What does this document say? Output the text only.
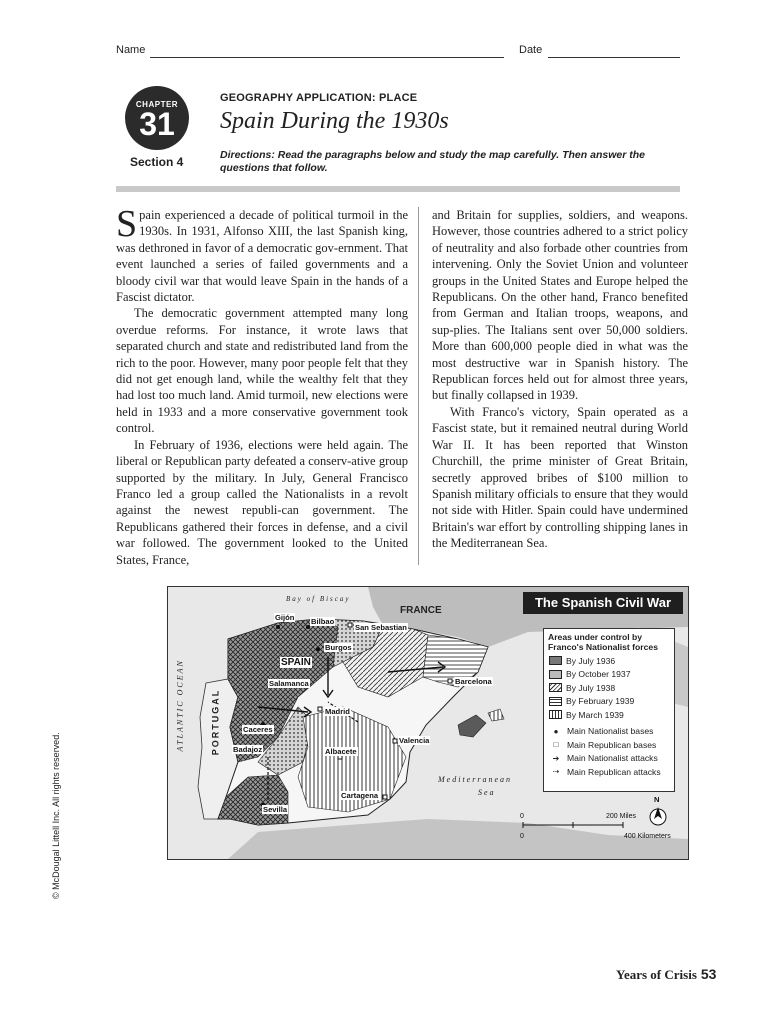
Name	Date
CHAPTER
31
Section 4
GEOGRAPHY APPLICATION: PLACE
Spain During the 1930s
Directions: Read the paragraphs below and study the map carefully. Then answer the questions that follow.

Spain experienced a decade of political turmoil in the 1930s. In 1931, Alfonso XIII, the last Spanish king, was dethroned in favor of a democratic gov-ernment. That event launched a series of failed governments and a bloody civil war that would leave Spain in the hands of a Fascist dictator.

The democratic government attempted many long overdue reforms. For instance, it wrote laws that separated church and state and redistributed land from the rich to the poor. However, many poor people felt that they did not get enough land, while the wealthy felt that they had lost too much land. Amid turmoil, new elections were held in 1933 and a more conservative government took control.

In February of 1936, elections were held again. The liberal or Republican party defeated a conserv-ative group supported by the military. In July, General Francisco Franco led a group called the Nationalists in a revolt against the newest republi-can government. The Republicans gathered their forces in defense, and a civil war followed. The government looked to the United States, France,

and Britain for supplies, soldiers, and weapons. However, those countries adhered to a strict policy of neutrality and also forbade other countries from intervening. Only the Soviet Union and volunteer groups in the United States and Europe helped the Republicans. On the other hand, Franco benefited from German and Italian troops, weapons, and sup-plies. The Italians sent over 50,000 soldiers. More than 600,000 people died in what was the most destructive war in Spanish history. The Republican forces held out for almost three years, but finally collapsed in 1939.

With Franco's victory, Spain operated as a Fascist state, but it remained neutral during World War II. It has been reported that Winston Churchill, the prime minister of Great Britain, secretly approved bribes of $100 million to Spanish military officials to ensure that they would not side with Hitler. Spain could have undermined Britain's war effort by controlling shipping lanes in the Mediterranean Sea.

© McDougal Littell Inc. All rights reserved.
Bay of Biscay
ATLANTIC OCEAN
Mediterranean
Sea
FRANCE
SPAIN
PORTUGAL
Gijón Bilbao
San Sebastian
Burgos
Salamanca
Madrid
Caceres
Badajoz	Albacete
Valencia
Barcelona
Sevilla
Cartagena
0	200 Miles
0	400 Kilometers
N
The Spanish Civil War
Areas under control by Franco's Nationalist forces
By July 1936
By October 1937
By July 1938
By February 1939
By March 1939
● Main Nationalist bases
□ Main Republican bases
➔ Main Nationalist attacks
⇢ Main Republican attacks
Years of Crisis 53
